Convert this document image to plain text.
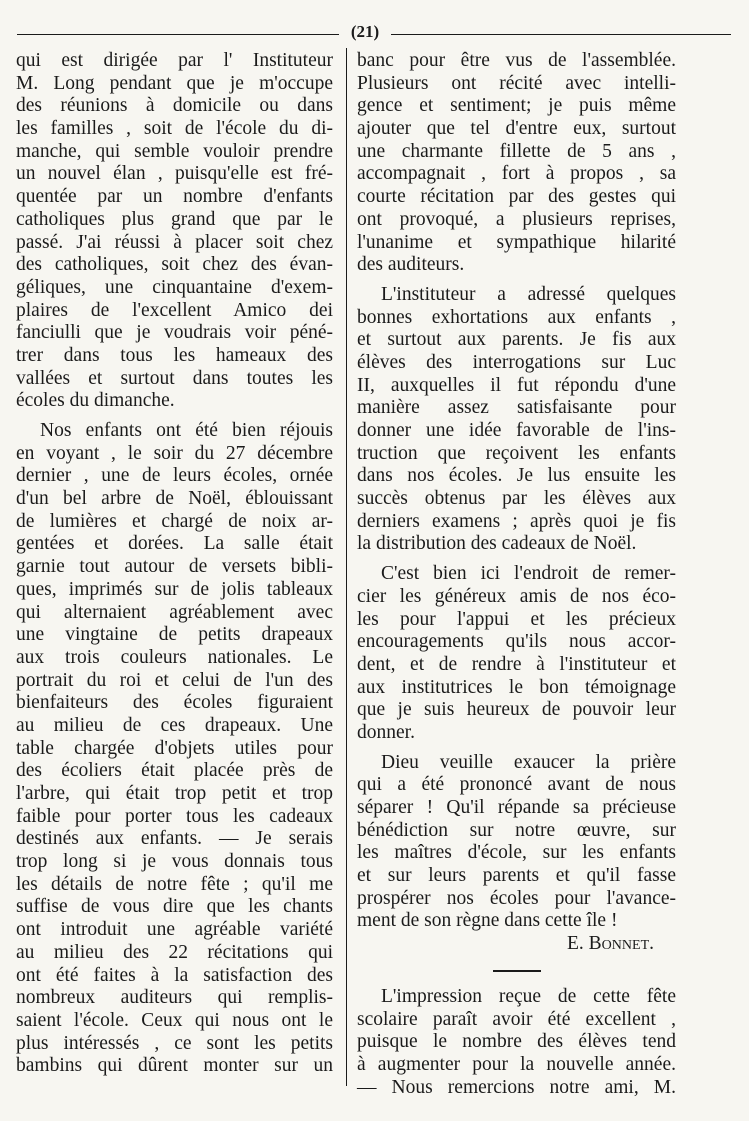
(21)
qui est dirigée par l' Instituteur
M. Long pendant que je m'occupe
des réunions à domicile ou dans
les familles , soit de l'école du di-
manche, qui semble vouloir prendre
un nouvel élan , puisqu'elle est fré-
quentée par un nombre d'enfants
catholiques plus grand que par le
passé. J'ai réussi à placer soit chez
des catholiques, soit chez des évan-
géliques, une cinquantaine d'exem-
plaires de l'excellent Amico dei
fanciulli que je voudrais voir péné-
trer dans tous les hameaux des
vallées et surtout dans toutes les
écoles du dimanche.
Nos enfants ont été bien réjouis
en voyant , le soir du 27 décembre
dernier , une de leurs écoles, ornée
d'un bel arbre de Noël, éblouissant
de lumières et chargé de noix ar-
gentées et dorées. La salle était
garnie tout autour de versets bibli-
ques, imprimés sur de jolis tableaux
qui alternaient agréablement avec
une vingtaine de petits drapeaux
aux trois couleurs nationales. Le
portrait du roi et celui de l'un des
bienfaiteurs des écoles figuraient
au milieu de ces drapeaux. Une
table chargée d'objets utiles pour
des écoliers était placée près de
l'arbre, qui était trop petit et trop
faible pour porter tous les cadeaux
destinés aux enfants. — Je serais
trop long si je vous donnais tous
les détails de notre fête ; qu'il me
suffise de vous dire que les chants
ont introduit une agréable variété
au milieu des 22 récitations qui
ont été faites à la satisfaction des
nombreux auditeurs qui remplis-
saient l'école. Ceux qui nous ont le
plus intéressés , ce sont les petits
bambins qui dûrent monter sur un
banc pour être vus de l'assemblée.
Plusieurs ont récité avec intelli-
gence et sentiment; je puis même
ajouter que tel d'entre eux, surtout
une charmante fillette de 5 ans ,
accompagnait , fort à propos , sa
courte récitation par des gestes qui
ont provoqué, a plusieurs reprises,
l'unanime et sympathique hilarité
des auditeurs.
L'instituteur a adressé quelques
bonnes exhortations aux enfants ,
et surtout aux parents. Je fis aux
élèves des interrogations sur Luc
II, auxquelles il fut répondu d'une
manière assez satisfaisante pour
donner une idée favorable de l'ins-
truction que reçoivent les enfants
dans nos écoles. Je lus ensuite les
succès obtenus par les élèves aux
derniers examens ; après quoi je fis
la distribution des cadeaux de Noël.
C'est bien ici l'endroit de remer-
cier les généreux amis de nos éco-
les pour l'appui et les précieux
encouragements qu'ils nous accor-
dent, et de rendre à l'instituteur et
aux institutrices le bon témoignage
que je suis heureux de pouvoir leur
donner.
Dieu veuille exaucer la prière
qui a été prononcé avant de nous
séparer ! Qu'il répande sa précieuse
bénédiction sur notre œuvre, sur
les maîtres d'école, sur les enfants
et sur leurs parents et qu'il fasse
prospérer nos écoles pour l'avance-
ment de son règne dans cette île !
E. Bonnet.
L'impression reçue de cette fête
scolaire paraît avoir été excellent ,
puisque le nombre des élèves tend
à augmenter pour la nouvelle année.
— Nous remercions notre ami, M.
